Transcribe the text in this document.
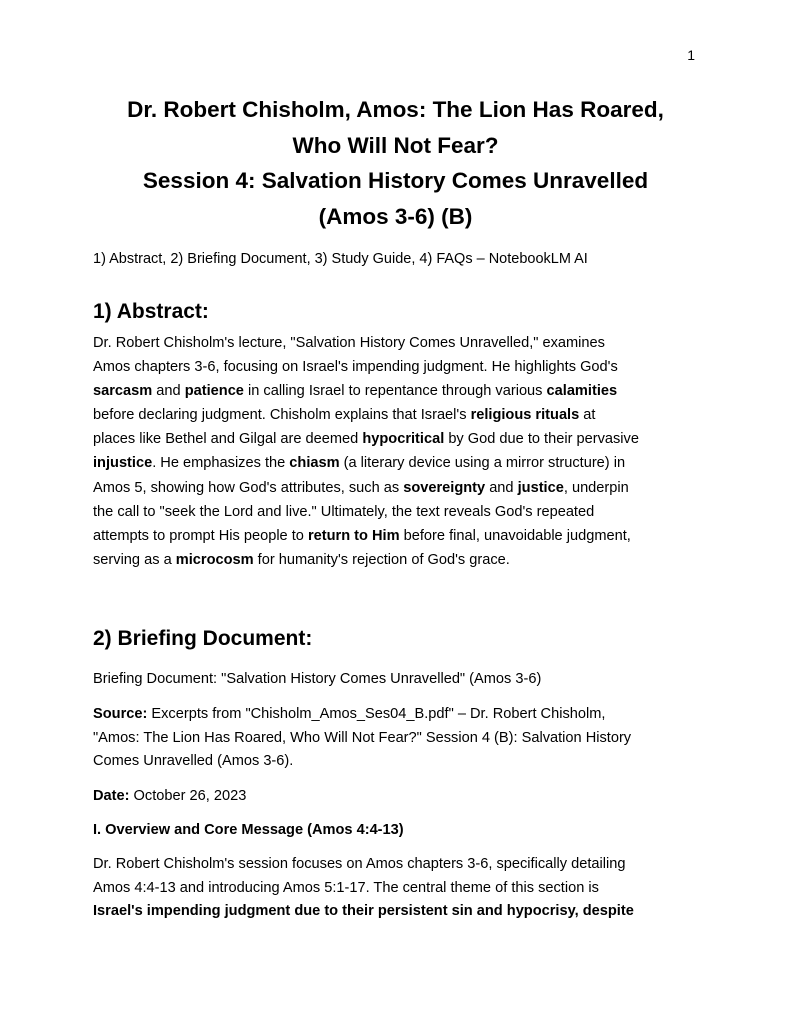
1
Dr. Robert Chisholm, Amos: The Lion Has Roared,
Who Will Not Fear?
Session 4: Salvation History Comes Unravelled
(Amos 3-6) (B)
1) Abstract, 2) Briefing Document, 3) Study Guide, 4) FAQs – NotebookLM AI
1) Abstract:
Dr. Robert Chisholm's lecture, "Salvation History Comes Unravelled," examines
Amos chapters 3-6, focusing on Israel's impending judgment. He highlights God's
sarcasm and patience in calling Israel to repentance through various calamities
before declaring judgment. Chisholm explains that Israel's religious rituals at
places like Bethel and Gilgal are deemed hypocritical by God due to their pervasive
injustice. He emphasizes the chiasm (a literary device using a mirror structure) in
Amos 5, showing how God's attributes, such as sovereignty and justice, underpin
the call to "seek the Lord and live." Ultimately, the text reveals God's repeated
attempts to prompt His people to return to Him before final, unavoidable judgment,
serving as a microcosm for humanity's rejection of God's grace.
2) Briefing Document:
Briefing Document: "Salvation History Comes Unravelled" (Amos 3-6)
Source: Excerpts from "Chisholm_Amos_Ses04_B.pdf" – Dr. Robert Chisholm,
"Amos: The Lion Has Roared, Who Will Not Fear?" Session 4 (B): Salvation History
Comes Unravelled (Amos 3-6).
Date: October 26, 2023
I. Overview and Core Message (Amos 4:4-13)
Dr. Robert Chisholm's session focuses on Amos chapters 3-6, specifically detailing
Amos 4:4-13 and introducing Amos 5:1-17. The central theme of this section is
Israel's impending judgment due to their persistent sin and hypocrisy, despite
